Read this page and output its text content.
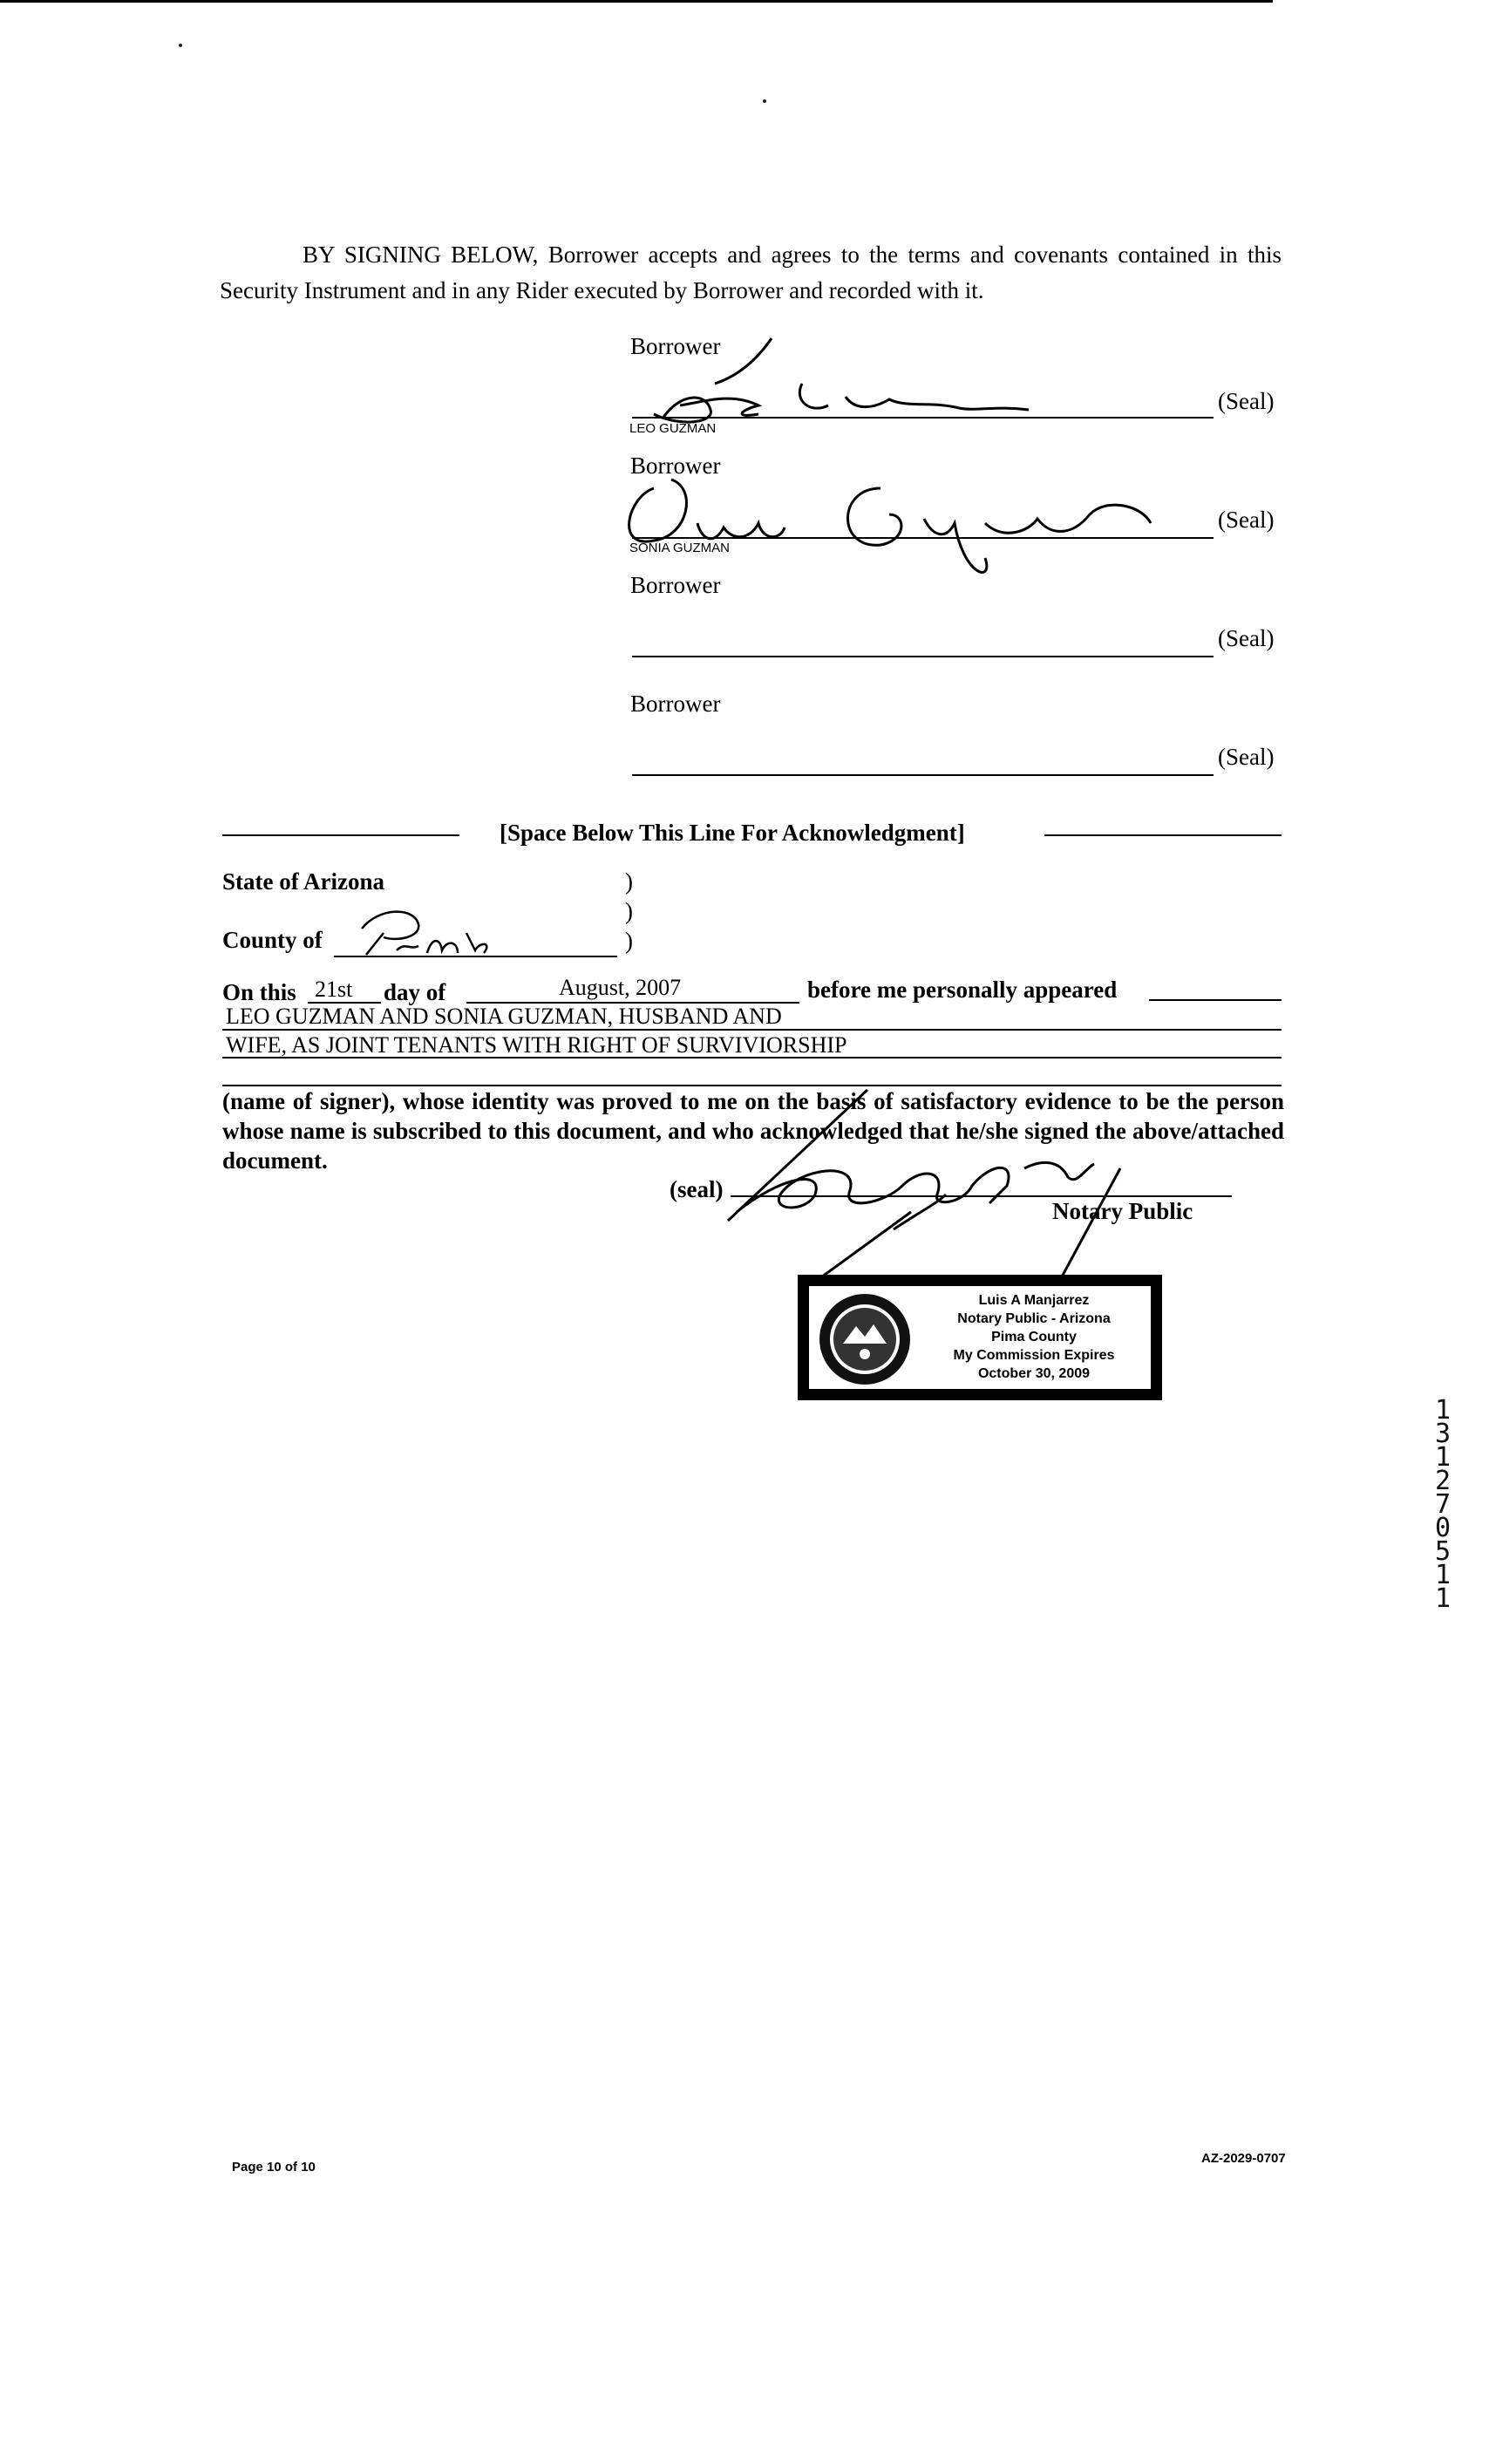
BY SIGNING BELOW, Borrower accepts and agrees to the terms and covenants contained in this Security Instrument and in any Rider executed by Borrower and recorded with it.
Borrower
(Seal)
LEO GUZMAN
Borrower
(Seal)
SONIA GUZMAN
Borrower
(Seal)
Borrower
(Seal)
[Space Below This Line For Acknowledgment]
State of Arizona	)
)
County of	)
On this 21st day of	August, 2007	before me personally appeared
LEO GUZMAN AND SONIA GUZMAN, HUSBAND AND
WIFE, AS JOINT TENANTS WITH RIGHT OF SURVIVIORSHIP
(name of signer), whose identity was proved to me on the basis of satisfactory evidence to be the person whose name is subscribed to this document, and who acknowledged that he/she signed the above/attached document.
(seal)
Notary Public
Luis A Manjarrez
Notary Public - Arizona
Pima County
My Commission Expires
October 30, 2009
13127 0511
Page 10 of 10
AZ-2029-0707
